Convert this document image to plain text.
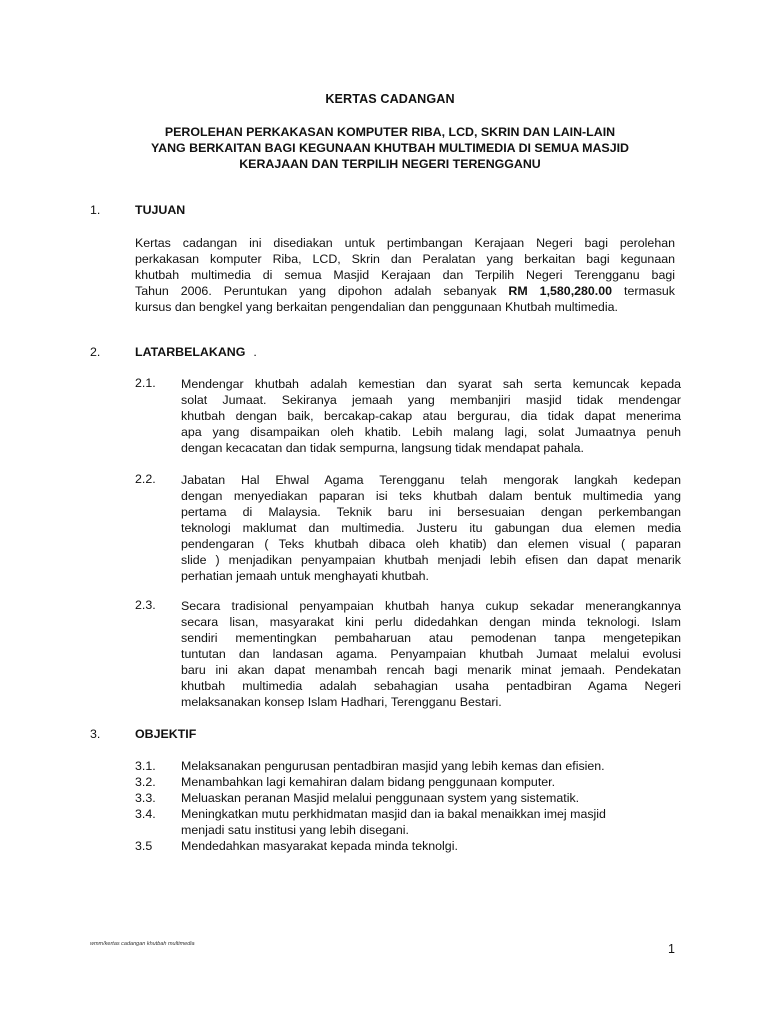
KERTAS CADANGAN
PEROLEHAN PERKAKASAN KOMPUTER RIBA, LCD, SKRIN DAN LAIN-LAIN
YANG BERKAITAN BAGI KEGUNAAN KHUTBAH MULTIMEDIA DI SEMUA MASJID
KERAJAAN DAN TERPILIH NEGERI TERENGGANU
1.	TUJUAN
Kertas cadangan ini disediakan untuk pertimbangan Kerajaan Negeri bagi perolehan
perkakasan komputer Riba, LCD, Skrin dan Peralatan yang berkaitan bagi kegunaan
khutbah multimedia di semua Masjid Kerajaan dan Terpilih Negeri Terengganu bagi
Tahun 2006. Peruntukan yang dipohon adalah sebanyak RM 1,580,280.00 termasuk
kursus dan bengkel yang berkaitan pengendalian dan penggunaan Khutbah multimedia.
2.	LATARBELAKANG .
2.1. Mendengar khutbah adalah kemestian dan syarat sah serta kemuncak kepada
solat Jumaat. Sekiranya jemaah yang membanjiri masjid tidak mendengar
khutbah dengan baik, bercakap-cakap atau bergurau, dia tidak dapat menerima
apa yang disampaikan oleh khatib. Lebih malang lagi, solat Jumaatnya penuh
dengan kecacatan dan tidak sempurna, langsung tidak mendapat pahala.
2.2. Jabatan Hal Ehwal Agama Terengganu telah mengorak langkah kedepan
dengan menyediakan paparan isi teks khutbah dalam bentuk multimedia yang
pertama di Malaysia. Teknik baru ini bersesuaian dengan perkembangan
teknologi maklumat dan multimedia. Justeru itu gabungan dua elemen media
pendengaran ( Teks khutbah dibaca oleh khatib) dan elemen visual ( paparan
slide ) menjadikan penyampaian khutbah menjadi lebih efisen dan dapat menarik
perhatian jemaah untuk menghayati khutbah.
2.3. Secara tradisional penyampaian khutbah hanya cukup sekadar menerangkannya
secara lisan, masyarakat kini perlu didedahkan dengan minda teknologi. Islam
sendiri mementingkan pembaharuan atau pemodenan tanpa mengetepikan
tuntutan dan landasan agama. Penyampaian khutbah Jumaat melalui evolusi
baru ini akan dapat menambah rencah bagi menarik minat jemaah. Pendekatan
khutbah multimedia adalah sebahagian usaha pentadbiran Agama Negeri
melaksanakan konsep Islam Hadhari, Terengganu Bestari.
3.	OBJEKTIF
3.1. Melaksanakan pengurusan pentadbiran masjid yang lebih kemas dan efisien.
3.2. Menambahkan lagi kemahiran dalam bidang penggunaan komputer.
3.3. Meluaskan peranan Masjid melalui penggunaan system yang sistematik.
3.4. Meningkatkan mutu perkhidmatan masjid dan ia bakal menaikkan imej masjid
menjadi satu institusi yang lebih disegani.
3.5 Mendedahkan masyarakat kepada minda teknolgi.
wmm/kertas cadangan khutbah multimedia	1
